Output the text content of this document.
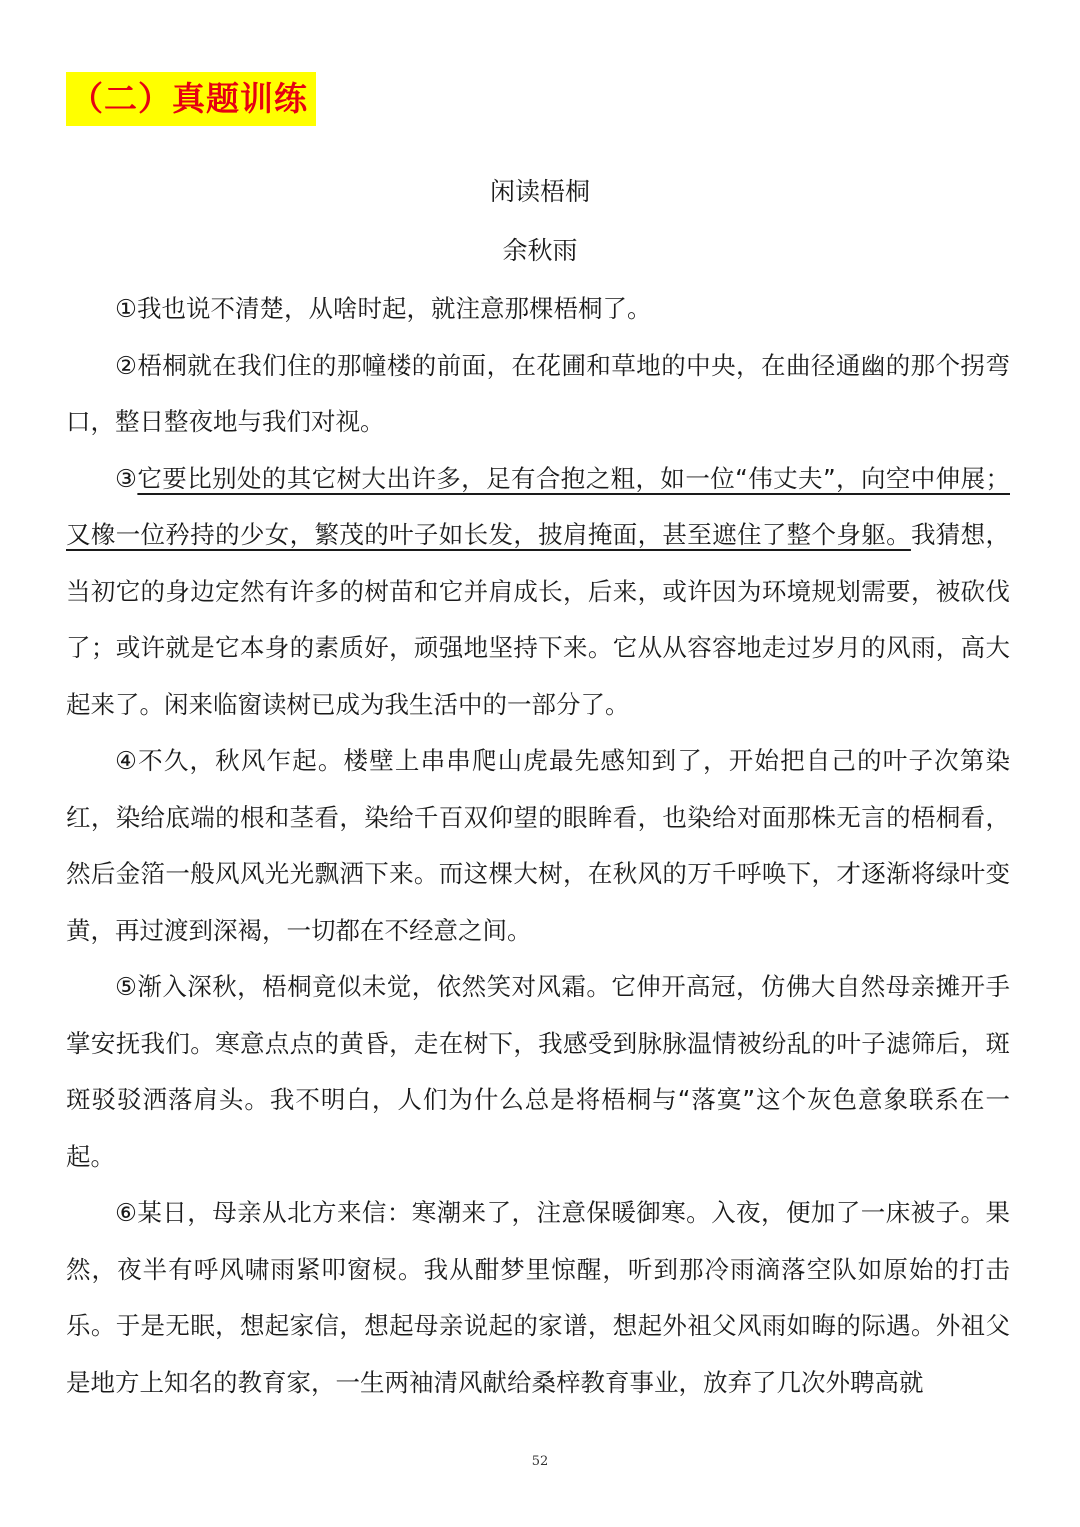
（二）真题训练
闲读梧桐
余秋雨

①我也说不清楚，从啥时起，就注意那棵梧桐了。

②梧桐就在我们住的那幢楼的前面，在花圃和草地的中央，在曲径通幽的那个拐弯口，整日整夜地与我们对视。

③它要比别处的其它树大出许多，足有合抱之粗，如一位“伟丈夫”，向空中伸展；又橡一位矜持的少女，繁茂的叶子如长发，披肩掩面，甚至遮住了整个身躯。我猜想，当初它的身边定然有许多的树苗和它并肩成长，后来，或许因为环境规划需要，被砍伐了；或许就是它本身的素质好，顽强地坚持下来。它从从容容地走过岁月的风雨，高大起来了。闲来临窗读树已成为我生活中的一部分了。

④不久，秋风乍起。楼壁上串串爬山虎最先感知到了，开始把自己的叶子次第染红，染给底端的根和茎看，染给千百双仰望的眼眸看，也染给对面那株无言的梧桐看，然后金箔一般风风光光飘洒下来。而这棵大树，在秋风的万千呼唤下，才逐渐将绿叶变黄，再过渡到深褐，一切都在不经意之间。

⑤渐入深秋，梧桐竟似未觉，依然笑对风霜。它伸开高冠，仿佛大自然母亲摊开手掌安抚我们。寒意点点的黄昏，走在树下，我感受到脉脉温情被纷乱的叶子滤筛后，斑斑驳驳洒落肩头。我不明白，人们为什么总是将梧桐与“落寞”这个灰色意象联系在一起。

⑥某日，母亲从北方来信：寒潮来了，注意保暖御寒。入夜，便加了一床被子。果然，夜半有呼风啸雨紧叩窗棂。我从酣梦里惊醒，听到那冷雨滴落空队如原始的打击乐。于是无眠，想起家信，想起母亲说起的家谱，想起外祖父风雨如晦的际遇。外祖父是地方上知名的教育家，一生两袖清风献给桑梓教育事业，放弃了几次外聘高就

52
